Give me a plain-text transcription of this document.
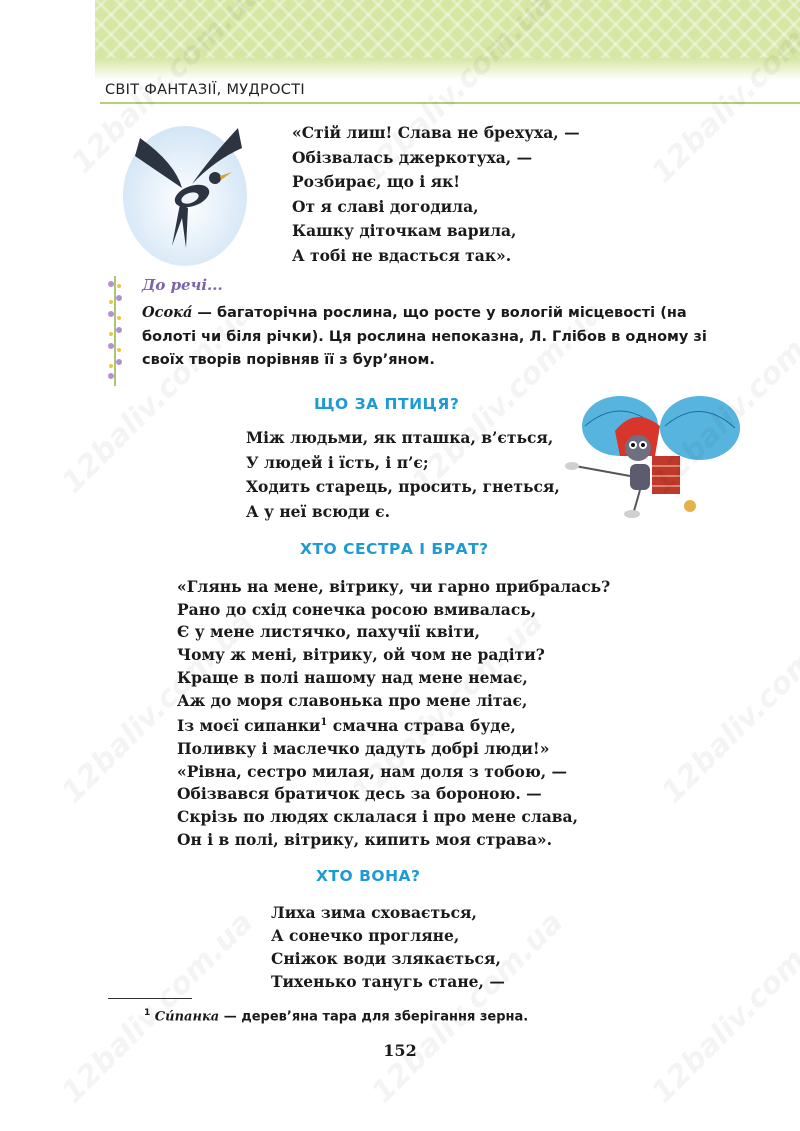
СВІТ ФАНТАЗІЇ, МУДРОСТІ
«Стій лиш! Слава не брехуха, —
Обізвалась джеркотуха, —
Розбирає, що і як!
От я славі догодила,
Кашку діточкам варила,
А тобі не вдасться так».
До речі...
Осока́ — багаторічна рослина, що росте у вологій місцевості (на болоті чи біля річки). Ця рослина непоказна, Л. Глібов в одному зі своїх творів порівняв її з бур’яном.
ЩО ЗА ПТИЦЯ?
Між людьми, як пташка, в’ється,
У людей і їсть, і п’є;
Ходить старець, просить, гнеться,
А у неї всюди є.
ХТО СЕСТРА І БРАТ?
«Глянь на мене, вітрику, чи гарно прибралась?
Рано до схід сонечка росою вмивалась,
Є у мене листячко, пахучії квіти,
Чому ж мені, вітрику, ой чом не радіти?
Краще в полі нашому над мене немає,
Аж до моря славонька про мене літає,
Із моєї сипанки$^1$ смачна страва буде,
Поливку і маслечко дадуть добрі люди!»
«Рівна, сестро милая, нам доля з тобою, —
Обізвався братичок десь за бороною. —
Скрізь по людях склалася і про мене слава,
Он і в полі, вітрику, кипить моя страва».
ХТО ВОНА?
Лиха зима сховається,
А сонечко прогляне,
Сніжок води злякається,
Тихенько танугь стане, —
$^1$ Си́панка — дерев’яна тара для зберігання зерна.
152
